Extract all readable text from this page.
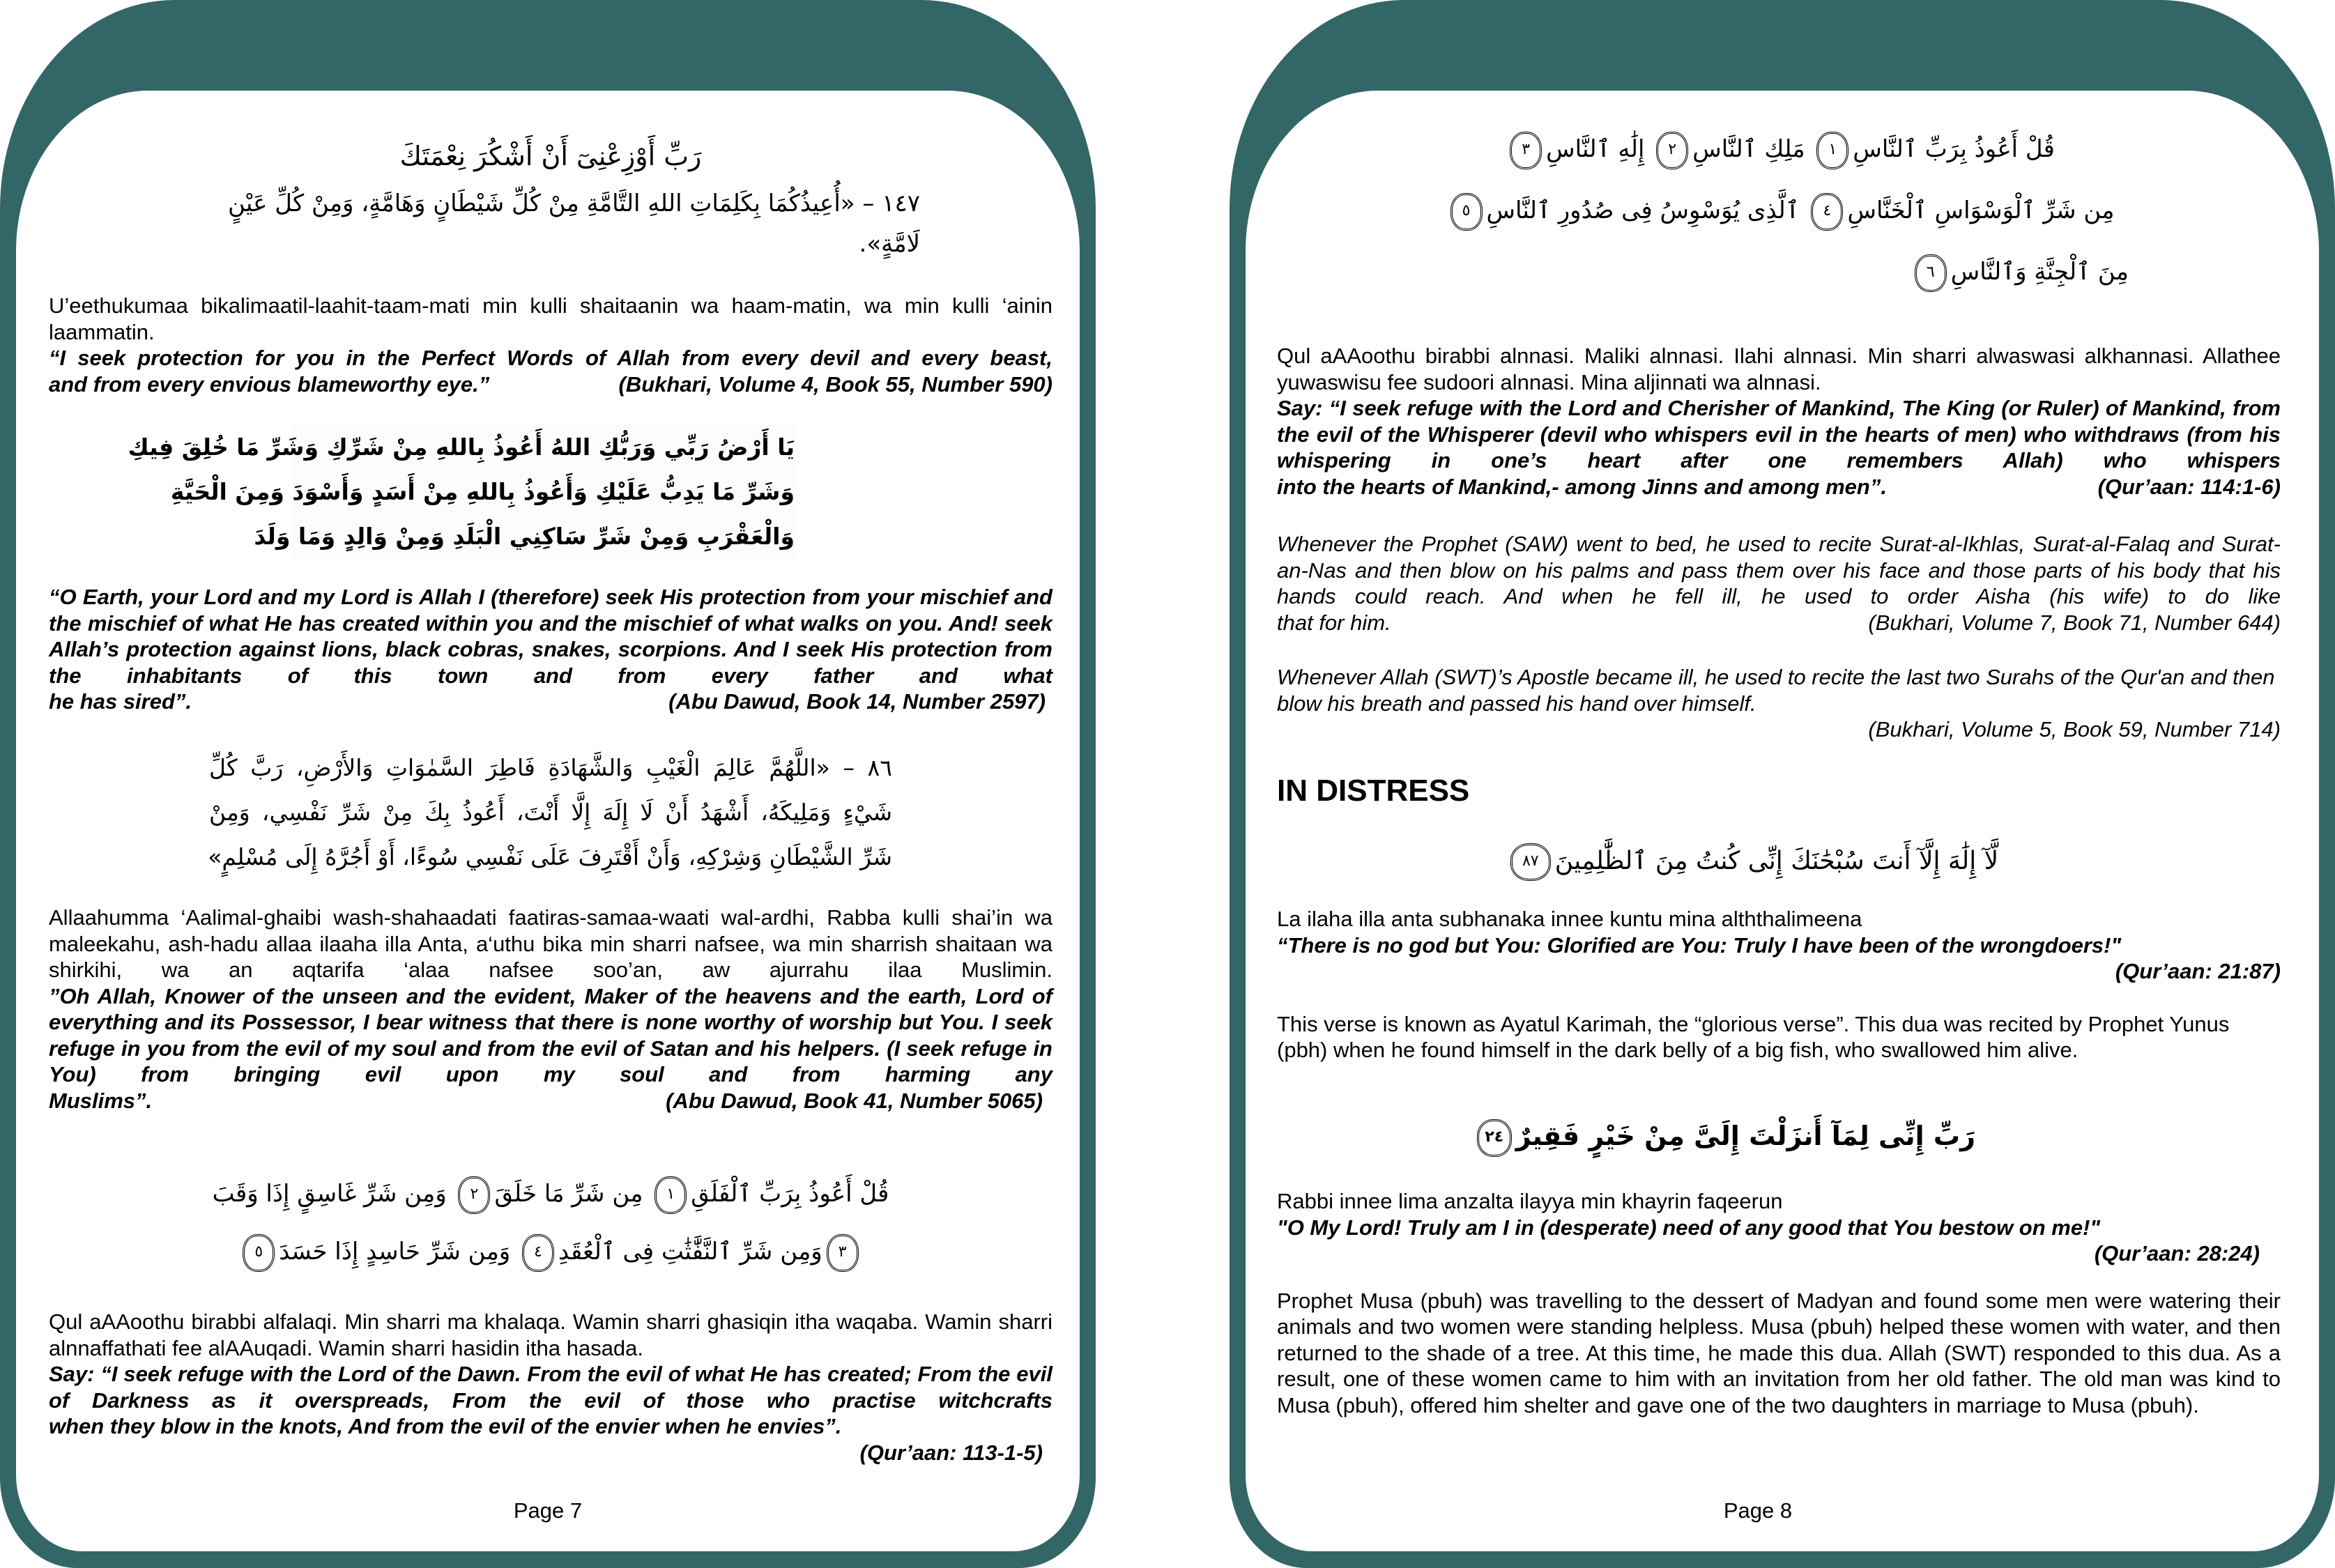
رَبِّ أَوْزِعْنِىٓ أَنْ أَشْكُرَ نِعْمَتَكَ
١٤٧ – «أُعِيذُكُمَا بِكَلِمَاتِ اللهِ التَّامَّةِ مِنْ كُلِّ شَيْطَانٍ وَهَامَّةٍ، وَمِنْ كُلِّ عَيْنٍ
لَامَّةٍ».

U’eethukumaa bikalimaatil-laahit-taam-mati min kulli shaitaanin wa haam-matin, wa min kulli ‘ainin laammatin.

“I seek protection for you in the Perfect Words of Allah from every devil and every beast,

and from every envious blameworthy eye.”	(Bukhari, Volume 4, Book 55, Number 590)
يَا أَرْضُ رَبِّي وَرَبُّكِ اللهُ أَعُوذُ بِاللهِ مِنْ شَرِّكِ وَشَرِّ مَا خُلِقَ فِيكِ
وَشَرِّ مَا يَدِبُّ عَلَيْكِ وَأَعُوذُ بِاللهِ مِنْ أَسَدٍ وَأَسْوَدَ وَمِنَ الْحَيَّةِ
وَالْعَقْرَبِ وَمِنْ شَرِّ سَاكِنِي الْبَلَدِ وَمِنْ وَالِدٍ وَمَا وَلَدَ

“O Earth, your Lord and my Lord is Allah I (therefore) seek His protection from your mischief and the mischief of what He has created within you and the mischief of what walks on you. And! seek Allah’s protection against lions, black cobras, snakes, scorpions. And I seek His protection from the inhabitants of this town and from every father and what

he has sired”.	(Abu Dawud, Book 14, Number 2597)
٨٦ – «اللَّهُمَّ عَالِمَ الْغَيْبِ وَالشَّهَادَةِ فَاطِرَ السَّمٰوَاتِ وَالأَرْضِ، رَبَّ كُلِّ
شَيْءٍ وَمَلِيكَهُ، أَشْهَدُ أَنْ لَا إِلَهَ إِلَّا أَنْتَ، أَعُوذُ بِكَ مِنْ شَرِّ نَفْسِي، وَمِنْ
شَرِّ الشَّيْطَانِ وَشِرْكِهِ، وَأَنْ أَقْتَرِفَ عَلَى نَفْسِي سُوءًا، أَوْ أَجُرَّهُ إِلَى مُسْلِمٍ»

Allaahumma ‘Aalimal-ghaibi wash-shahaadati faatiras-samaa-waati wal-ardhi, Rabba kulli shai’in wa maleekahu, ash-hadu allaa ilaaha illa Anta, a‘uthu bika min sharri nafsee, wa min sharrish shaitaan wa shirkihi, wa an aqtarifa ‘alaa nafsee soo’an, aw ajurrahu ilaa Muslimin.

”Oh Allah, Knower of the unseen and the evident, Maker of the heavens and the earth, Lord of everything and its Possessor, I bear witness that there is none worthy of worship but You. I seek refuge in you from the evil of my soul and from the evil of Satan and his helpers. (I seek refuge in You) from bringing evil upon my soul and from harming any

Muslims”.	(Abu Dawud, Book 41, Number 5065)
قُلْ أَعُوذُ بِرَبِّ ٱلْفَلَقِ١ مِن شَرِّ مَا خَلَقَ٢ وَمِن شَرِّ غَاسِقٍ إِذَا وَقَبَ
٣وَمِن شَرِّ ٱلنَّفَّٰثَٰتِ فِى ٱلْعُقَدِ٤ وَمِن شَرِّ حَاسِدٍ إِذَا حَسَدَ٥

Qul aAAoothu birabbi alfalaqi. Min sharri ma khalaqa. Wamin sharri ghasiqin itha waqaba. Wamin sharri alnnaffathati fee alAAuqadi. Wamin sharri hasidin itha hasada.

Say: “I seek refuge with the Lord of the Dawn. From the evil of what He has created; From the evil of Darkness as it overspreads, From the evil of those who practise witchcrafts

when they blow in the knots, And from the evil of the envier when he envies”.

(Qur’aan: 113-1-5)

Page 7
قُلْ أَعُوذُ بِرَبِّ ٱلنَّاسِ١ مَلِكِ ٱلنَّاسِ٢ إِلَٰهِ ٱلنَّاسِ٣
مِن شَرِّ ٱلْوَسْوَاسِ ٱلْخَنَّاسِ٤ ٱلَّذِى يُوَسْوِسُ فِى صُدُورِ ٱلنَّاسِ٥
مِنَ ٱلْجِنَّةِ وَٱلنَّاسِ٦

Qul aAAoothu birabbi alnnasi. Maliki alnnasi. Ilahi alnnasi. Min sharri alwaswasi alkhannasi. Allathee yuwaswisu fee sudoori alnnasi. Mina aljinnati wa alnnasi.

Say: “I seek refuge with the Lord and Cherisher of Mankind, The King (or Ruler) of Mankind, from the evil of the Whisperer (devil who whispers evil in the hearts of men) who withdraws (from his whispering in one’s heart after one remembers Allah) who whispers

into the hearts of Mankind,- among Jinns and among men”.	(Qur’aan: 114:1-6)

Whenever the Prophet (SAW) went to bed, he used to recite Surat-al-Ikhlas, Surat-al-Falaq and Surat-an-Nas and then blow on his palms and pass them over his face and those parts of his body that his hands could reach. And when he fell ill, he used to order Aisha (his wife) to do like

that for him.	(Bukhari, Volume 7, Book 71, Number 644)

Whenever Allah (SWT)’s Apostle became ill, he used to recite the last two Surahs of the Qur'an and then blow his breath and passed his hand over himself.

(Bukhari, Volume 5, Book 59, Number 714)

IN DISTRESS
لَّآ إِلَٰهَ إِلَّآ أَنتَ سُبْحَٰنَكَ إِنِّى كُنتُ مِنَ ٱلظَّٰلِمِينَ٨٧

La ilaha illa anta subhanaka innee kuntu mina alththalimeena

“There is no god but You: Glorified are You: Truly I have been of the wrongdoers!"

(Qur’aan: 21:87)

This verse is known as Ayatul Karimah, the “glorious verse”. This dua was recited by Prophet Yunus (pbh) when he found himself in the dark belly of a big fish, who swallowed him alive.

رَبِّ إِنِّى لِمَآ أَنزَلْتَ إِلَىَّ مِنْ خَيْرٍ فَقِيرٌ٢٤

Rabbi innee lima anzalta ilayya min khayrin faqeerun

"O My Lord! Truly am I in (desperate) need of any good that You bestow on me!"

(Qur’aan: 28:24)

Prophet Musa (pbuh) was travelling to the dessert of Madyan and found some men were watering their animals and two women were standing helpless. Musa (pbuh) helped these women with water, and then returned to the shade of a tree. At this time, he made this dua. Allah (SWT) responded to this dua. As a result, one of these women came to him with an invitation from her old father. The old man was kind to Musa (pbuh), offered him shelter and gave one of the two daughters in marriage to Musa (pbuh).

Page 8
